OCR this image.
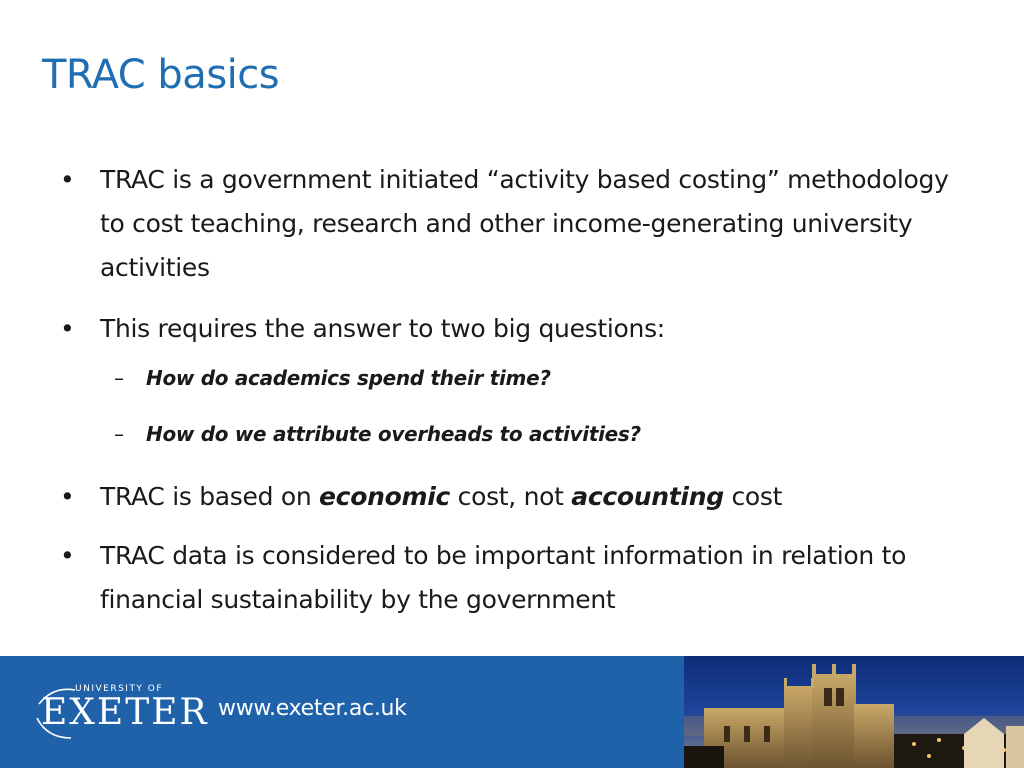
TRAC basics
• TRAC is a government initiated “activity based costing” methodology to cost teaching, research and other income-generating university activities
• This requires the answer to two big questions:
– How do academics spend their time?
– How do we attribute overheads to activities?
• TRAC is based on economic cost, not accounting cost
• TRAC data is considered to be important information in relation to financial sustainability by the government
UNIVERSITY OF
EXETER www.exeter.ac.uk
